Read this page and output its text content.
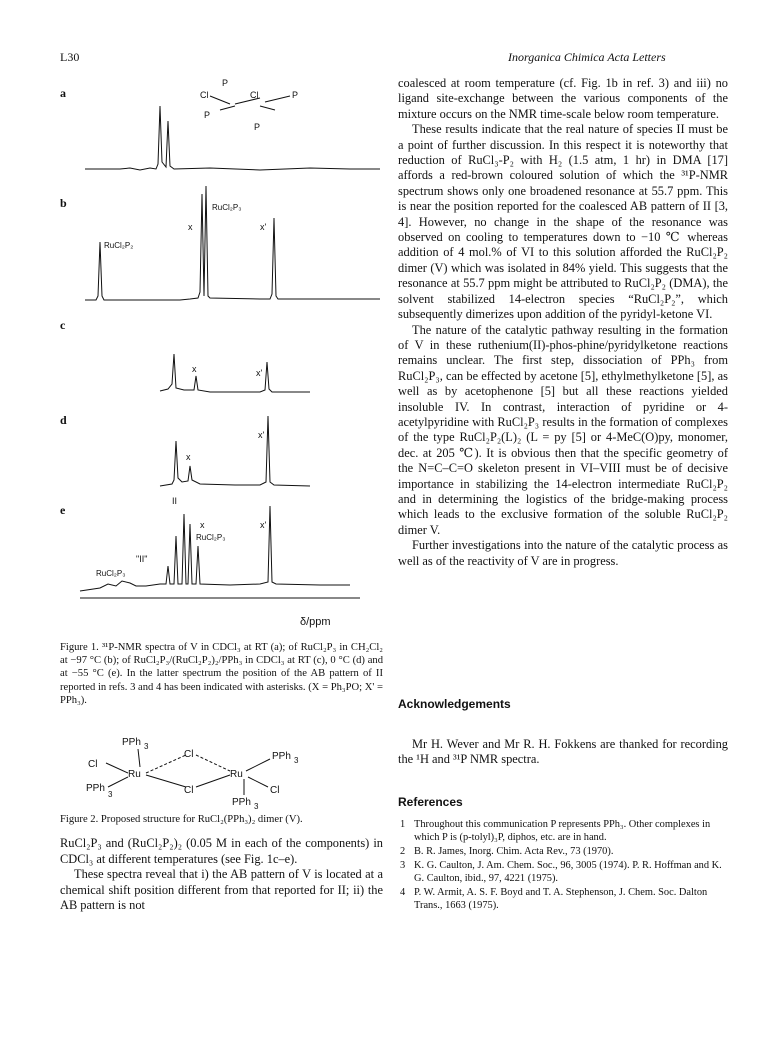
L30	Inorganica Chimica Acta Letters
a
b
c
d
e
P
Cl	Cl	P
P
P
RuCl₂P₂
RuCl₂P₃
x	x'
x'
x
x
x'
II
x	x'
RuCl₂P₃
"II"
RuCl₂P₃
δ/ppm
Figure 1. ³¹P-NMR spectra of V in CDCl₃ at RT (a); of RuCl₂P₃ in CH₂Cl₂ at −97 °C (b); of RuCl₂P₃/(RuCl₂P₂)₂/PPh₃ in CDCl₃ at RT (c), 0 °C (d) and at −55 °C (e). In the latter spectrum the position of the AB pattern of II reported in refs. 3 and 4 has been indicated with asterisks. (X = Ph₃PO; X' = PPh₃).
PPh 3
Cl
Ru
Cl
PPh
3	Cl
Ru
PPh 3
Cl
PPh 3
Figure 2. Proposed structure for RuCl₂(PPh₃)₂ dimer (V).

RuCl₂P₃ and (RuCl₂P₂)₂ (0.05 M in each of the components) in CDCl₃ at different temperatures (see Fig. 1c–e).

These spectra reveal that i) the AB pattern of V is located at a chemical shift position different from that reported for II; ii) the AB pattern is not

coalesced at room temperature (cf. Fig. 1b in ref. 3) and iii) no ligand site-exchange between the various components of the mixture occurs on the NMR time-scale below room temperature.

These results indicate that the real nature of species II must be a point of further discussion. In this respect it is noteworthy that reduction of RuCl₃-P₂ with H₂ (1.5 atm, 1 hr) in DMA [17] affords a red-brown coloured solution of which the ³¹P-NMR spectrum shows only one broadened resonance at 55.7 ppm. This is near the position reported for the coalesced AB pattern of II [3, 4]. However, no change in the shape of the resonance was observed on cooling to temperatures down to −10 ℃ whereas addition of 4 mol.% of VI to this solution afforded the RuCl₂P₂ dimer (V) which was isolated in 84% yield. This suggests that the resonance at 55.7 ppm might be attributed to RuCl₂P₂ (DMA), the solvent stabilized 14-electron species “RuCl₂P₂”, which subsequently dimerizes upon addition of the pyridyl-ketone VI.

The nature of the catalytic pathway resulting in the formation of V in these ruthenium(II)-phos-phine/pyridylketone reactions remains unclear. The first step, dissociation of PPh₃ from RuCl₂P₃, can be effected by acetone [5], ethylmethylketone [5], as well as by acetophenone [5] but all these reactions yielded insoluble IV. In contrast, interaction of pyridine or 4-acetylpyridine with RuCl₂P₃ results in the formation of complexes of the type RuCl₂P₂(L)₂ (L = py [5] or 4-MeC(O)py, monomer, dec. at 205 ℃). It is obvious then that the specific geometry of the N=C–C=O skeleton present in VI–VIII must be of decisive importance in stabilizing the 14-electron intermediate RuCl₂P₂ and in determining the logistics of the bridge-making process which leads to the exclusive formation of the soluble RuCl₂P₂ dimer V.

Further investigations into the nature of the catalytic process as well as of the reactivity of V are in progress.

Acknowledgements
Mr H. Wever and Mr R. H. Fokkens are thanked for recording the ¹H and ³¹P NMR spectra.
References
1 Throughout this communication P represents PPh₃. Other complexes in which P is (p-tolyl)₃P, diphos, etc. are in hand.
2 B. R. James, Inorg. Chim. Acta Rev., 73 (1970).
3 K. G. Caulton, J. Am. Chem. Soc., 96, 3005 (1974). P. R. Hoffman and K. G. Caulton, ibid., 97, 4221 (1975).
4 P. W. Armit, A. S. F. Boyd and T. A. Stephenson, J. Chem. Soc. Dalton Trans., 1663 (1975).
